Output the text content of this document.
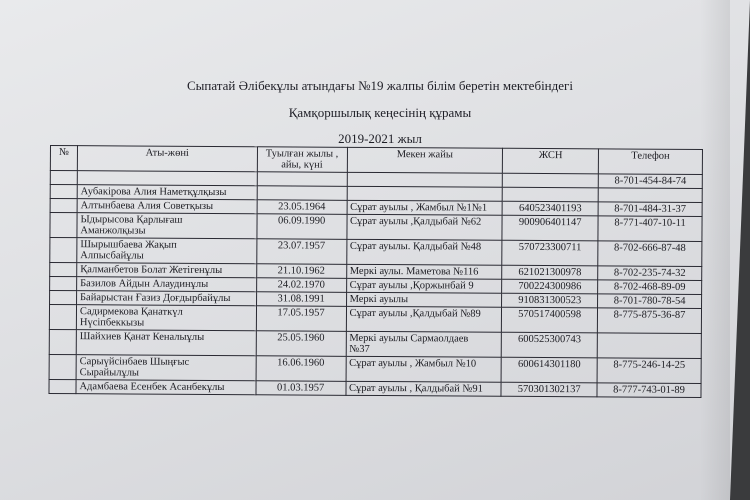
Сыпатай Әлібекұлы атындағы №19 жалпы білім беретін мектебіндегі
Қамқоршылық кеңесінің құрамы
2019-2021 жыл
№	Аты-жөні	Туылған жылы ,
айы, күні	Мекен жайы	ЖСН	Телефон
					8-701-454-84-74
	Аубакірова Алия Наметқұлқызы				
	Алтынбаева Алия Советқызы	23.05.1964	Сұрат ауылы , Жамбыл №1№1	640523401193	8-701-484-31-37
	Ыдырысова Қарлығаш
Аманжолқызы	06.09.1990	Сұрат ауылы ,Қалдыбай №62	900906401147	8-771-407-10-11
	Шырышбаева Жақып
Алпысбайұлы	23.07.1957	Сұрат ауылы. Қалдыбай №48	570723300711	8-702-666-87-48
	Қалманбетов Болат Жетігенұлы	21.10.1962	Меркі аулы. Маметова №116	621021300978	8-702-235-74-32
	Базилов Айдын Алаудинұлы	24.02.1970	Сұрат ауылы ,Қоржынбай 9	700224300986	8-702-468-89-09
	Байарыстан Ғазиз Доғдырбайұлы	31.08.1991	Меркі ауылы	910831300523	8-701-780-78-54
	Садирмекова Қанаткүл
Нүсіпбеккызы	17.05.1957	Сұрат ауылы ,Қалдыбай №89	570517400598	8-775-875-36-87
	Шайхиев Қанат Кеналыұлы	25.05.1960	Меркі ауылы Сармаолдаев
№37	600525300743	
	Сарыүйсінбаев Шыңғыс
Сырайылұлы	16.06.1960	Сұрат ауылы , Жамбыл №10	600614301180	8-775-246-14-25
	Адамбаева Есенбек Асанбекұлы	01.03.1957	Сұрат ауылы , Қалдыбай №91	570301302137	8-777-743-01-89
